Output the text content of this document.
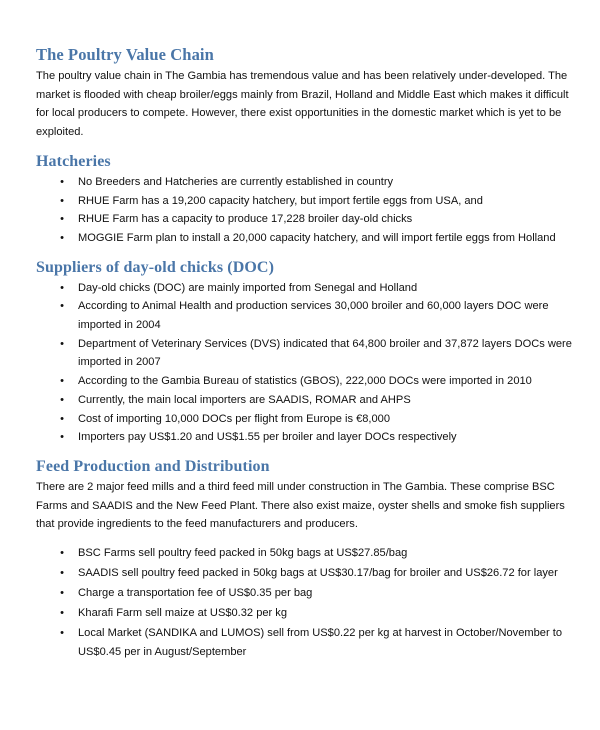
The Poultry Value Chain

The poultry value chain in The Gambia has tremendous value and has been relatively under-developed. The market is flooded with cheap broiler/eggs mainly from Brazil, Holland and Middle East which makes it difficult for local producers to compete. However, there exist opportunities in the domestic market which is yet to be exploited.

Hatcheries
• No Breeders and Hatcheries are currently established in country
• RHUE Farm has a 19,200 capacity hatchery, but import fertile eggs from USA, and
• RHUE Farm has a capacity to produce 17,228 broiler day-old chicks
• MOGGIE Farm plan to install a 20,000 capacity hatchery, and will import fertile eggs from Holland
Suppliers of day-old chicks (DOC)
• Day-old chicks (DOC) are mainly imported from Senegal and Holland
• According to Animal Health and production services 30,000 broiler and 60,000 layers DOC were imported in 2004
• Department of Veterinary Services (DVS) indicated that 64,800 broiler and 37,872 layers DOCs were imported in 2007
• According to the Gambia Bureau of statistics (GBOS), 222,000 DOCs were imported in 2010
• Currently, the main local importers are SAADIS, ROMAR and AHPS
• Cost of importing 10,000 DOCs per flight from Europe is €8,000
• Importers pay US$1.20 and US$1.55 per broiler and layer DOCs respectively
Feed Production and Distribution

There are 2 major feed mills and a third feed mill under construction in The Gambia. These comprise BSC Farms and SAADIS and the New Feed Plant. There also exist maize, oyster shells and smoke fish suppliers that provide ingredients to the feed manufacturers and producers.

• BSC Farms sell poultry feed packed in 50kg bags at US$27.85/bag
• SAADIS sell poultry feed packed in 50kg bags at US$30.17/bag for broiler and US$26.72 for layer
• Charge a transportation fee of US$0.35 per bag
• Kharafi Farm sell maize at US$0.32 per kg
• Local Market (SANDIKA and LUMOS) sell from US$0.22 per kg at harvest in October/November to US$0.45 per in August/September
